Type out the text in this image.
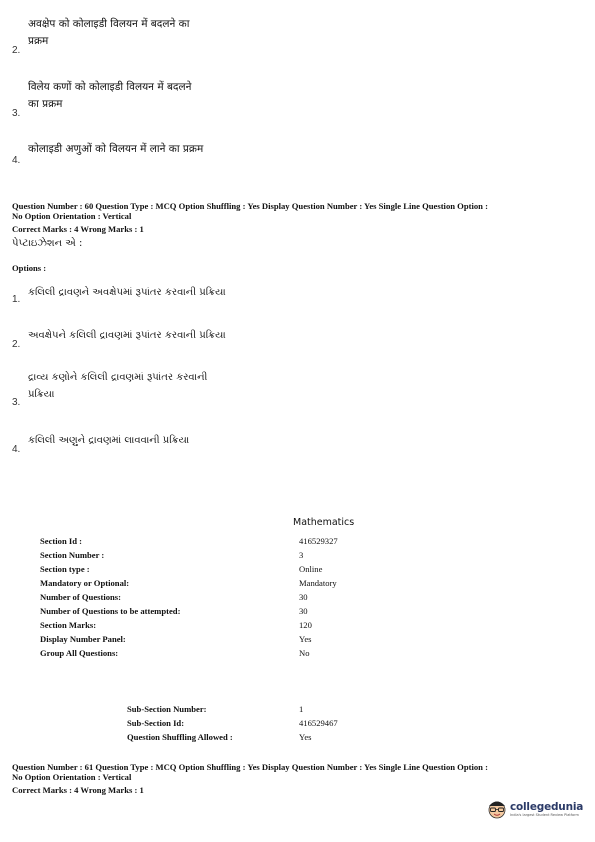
अवक्षेप को कोलाइडी विलयन में बदलने का
प्रक्रम
2.
विलेय कणों को कोलाइडी विलयन में बदलने
का प्रक्रम
3.
कोलाइडी अणुओं को विलयन में लाने का प्रक्रम
4.
Question Number : 60 Question Type : MCQ Option Shuffling : Yes Display Question Number : Yes Single Line Question Option :
No Option Orientation : Vertical
Correct Marks : 4 Wrong Marks : 1
પેપ્ટાઇઝેશન એ :
Options :
કલિલી દ્રાવણને અવક્ષેપમાં રૂપાંતર કરવાની પ્રક્રિયા
1.
અવક્ષેપને કલિલી દ્રાવણમાં રૂપાંતર કરવાની પ્રક્રિયા
2.
દ્રાવ્ય કણોને કલિલી દ્રાવણમાં રૂપાંતર કરવાની
પ્રક્રિયા
3.
કલિલી અણુને દ્રાવણમાં લાવવાની પ્રક્રિયા
4.
Mathematics
Section Id :	416529327
Section Number :	3
Section type :	Online
Mandatory or Optional:	Mandatory
Number of Questions:	30
Number of Questions to be attempted:	30
Section Marks:	120
Display Number Panel:	Yes
Group All Questions:	No
Sub-Section Number:	1
Sub-Section Id:	416529467
Question Shuffling Allowed :	Yes
Question Number : 61 Question Type : MCQ Option Shuffling : Yes Display Question Number : Yes Single Line Question Option :
No Option Orientation : Vertical
Correct Marks : 4 Wrong Marks : 1
collegedunia
India's largest Student Review Platform
